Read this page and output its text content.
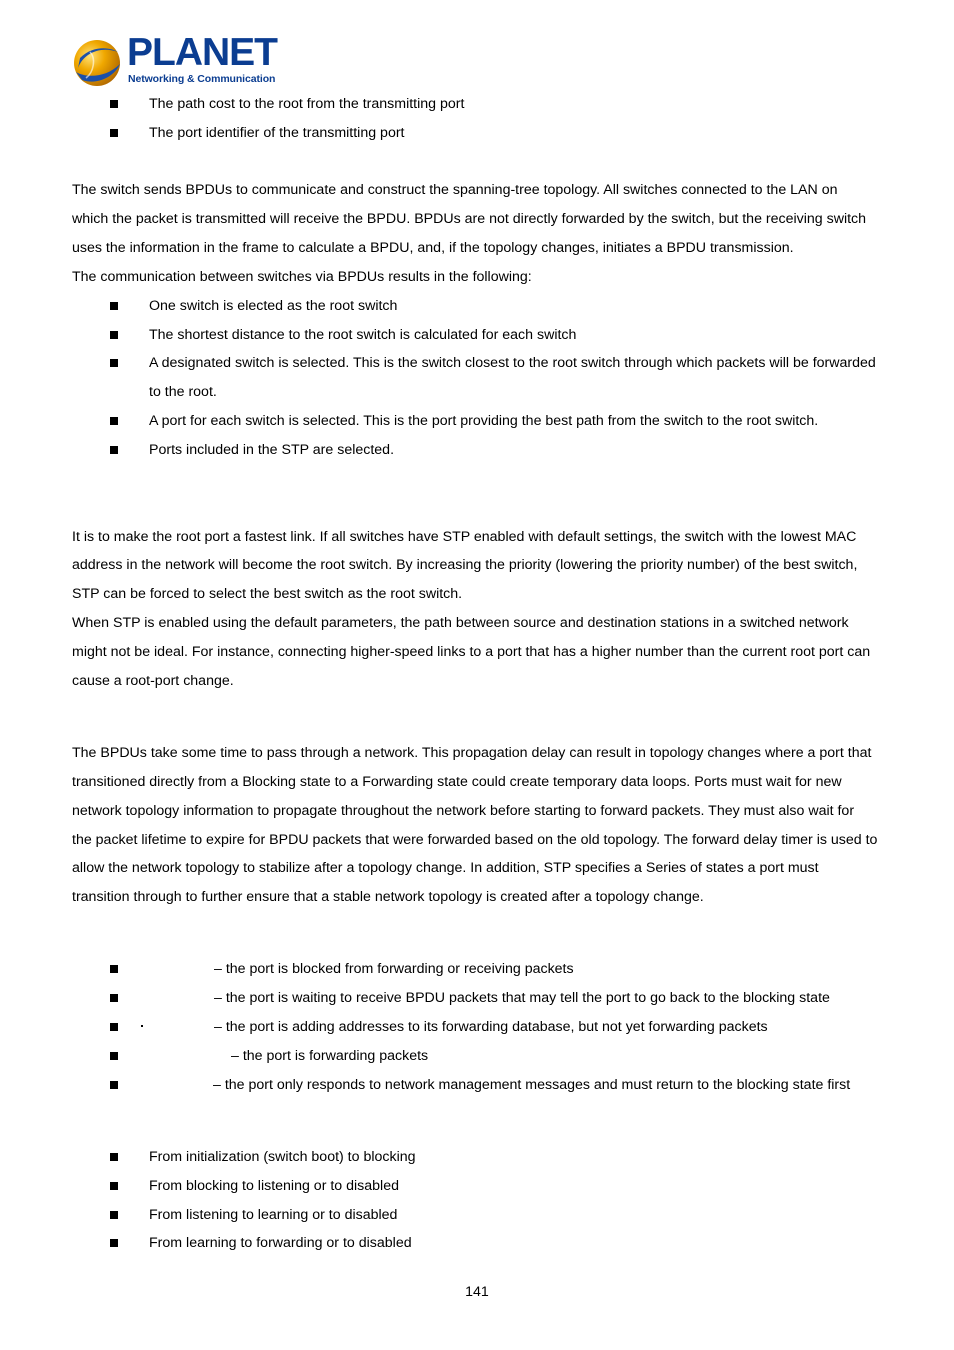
PLANET
Networking & Communication
The path cost to the root from the transmitting port
The port identifier of the transmitting port
The switch sends BPDUs to communicate and construct the spanning-tree topology. All switches connected to the LAN on
which the packet is transmitted will receive the BPDU. BPDUs are not directly forwarded by the switch, but the receiving switch
uses the information in the frame to calculate a BPDU, and, if the topology changes, initiates a BPDU transmission.
The communication between switches via BPDUs results in the following:
One switch is elected as the root switch
The shortest distance to the root switch is calculated for each switch
A designated switch is selected. This is the switch closest to the root switch through which packets will be forwarded
to the root.
A port for each switch is selected. This is the port providing the best path from the switch to the root switch.
Ports included in the STP are selected.
It is to make the root port a fastest link. If all switches have STP enabled with default settings, the switch with the lowest MAC
address in the network will become the root switch. By increasing the priority (lowering the priority number) of the best switch,
STP can be forced to select the best switch as the root switch.
When STP is enabled using the default parameters, the path between source and destination stations in a switched network
might not be ideal. For instance, connecting higher-speed links to a port that has a higher number than the current root port can
cause a root-port change.
The BPDUs take some time to pass through a network. This propagation delay can result in topology changes where a port that
transitioned directly from a Blocking state to a Forwarding state could create temporary data loops. Ports must wait for new
network topology information to propagate throughout the network before starting to forward packets. They must also wait for
the packet lifetime to expire for BPDU packets that were forwarded based on the old topology. The forward delay timer is used to
allow the network topology to stabilize after a topology change. In addition, STP specifies a Series of states a port must
transition through to further ensure that a stable network topology is created after a topology change.
– the port is blocked from forwarding or receiving packets
– the port is waiting to receive BPDU packets that may tell the port to go back to the blocking state
– the port is adding addresses to its forwarding database, but not yet forwarding packets
– the port is forwarding packets
– the port only responds to network management messages and must return to the blocking state first
From initialization (switch boot) to blocking
From blocking to listening or to disabled
From listening to learning or to disabled
From learning to forwarding or to disabled
141
